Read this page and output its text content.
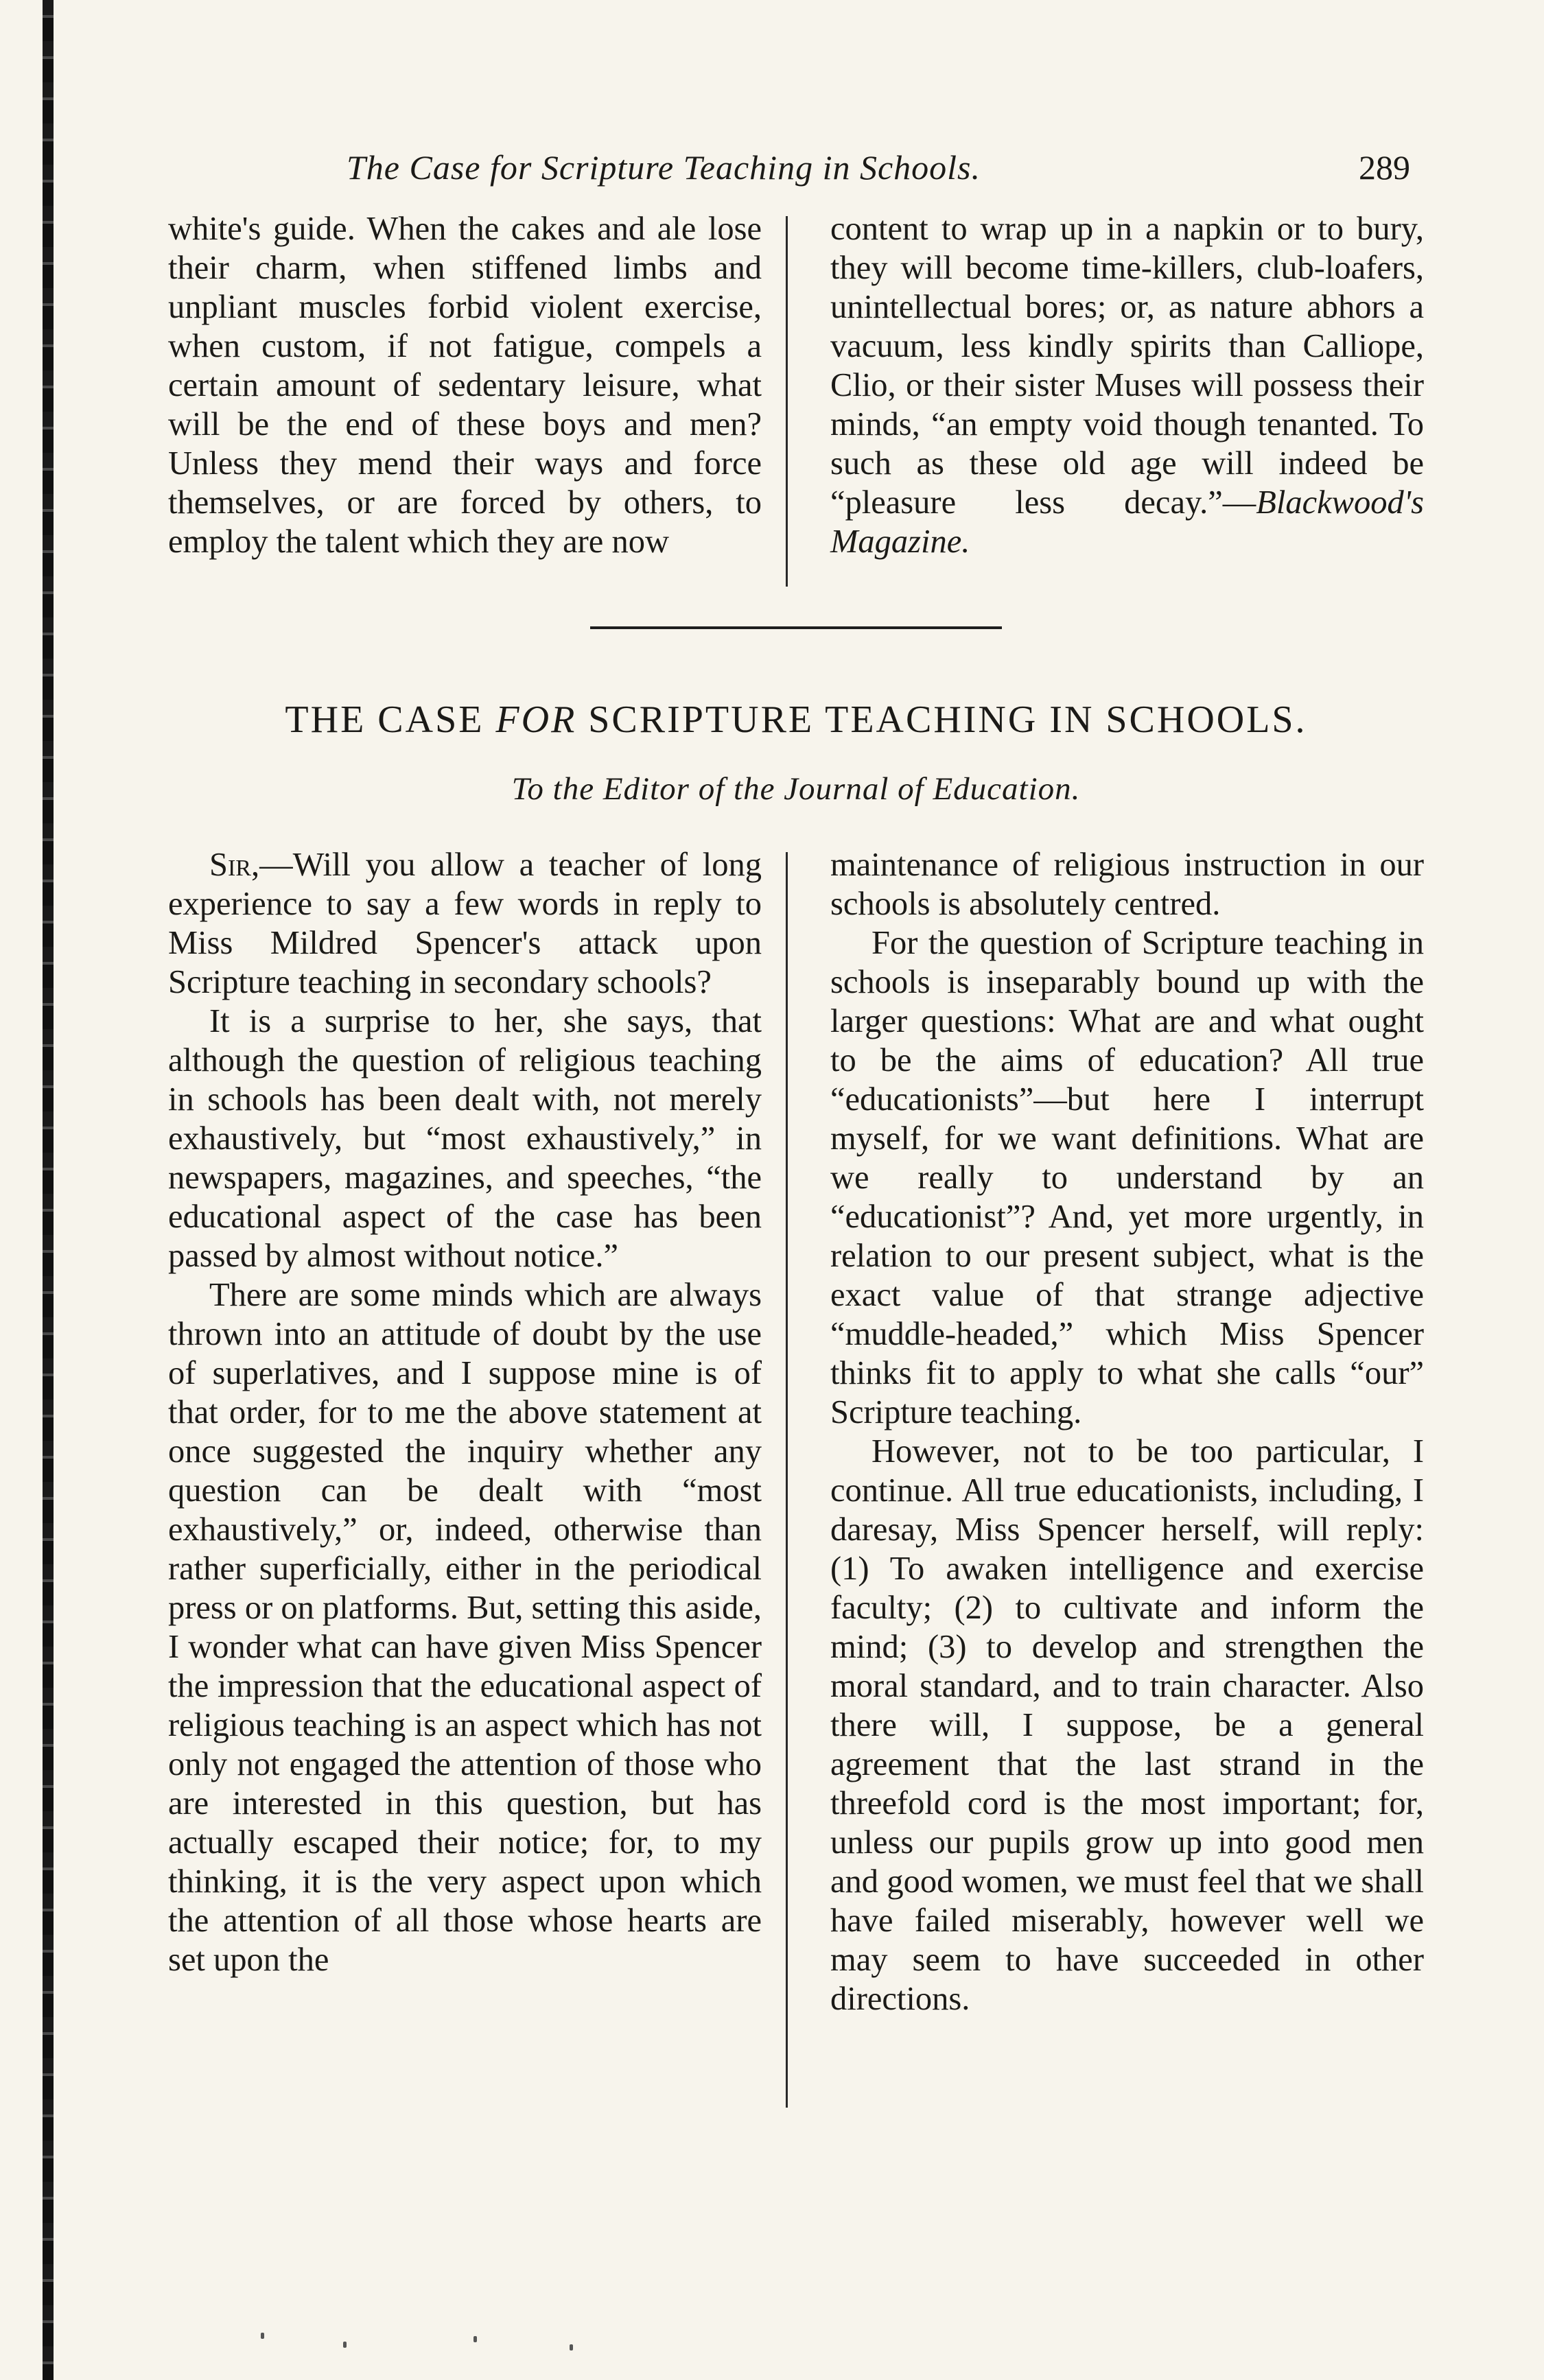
The Case for Scripture Teaching in Schools.	289

white's guide. When the cakes and ale lose their charm, when stiffened limbs and unpliant muscles forbid violent exercise, when custom, if not fatigue, compels a certain amount of sedentary leisure, what will be the end of these boys and men? Unless they mend their ways and force themselves, or are forced by others, to employ the talent which they are now

content to wrap up in a napkin or to bury, they will become time-killers, club-loafers, unintellectual bores; or, as nature abhors a vacuum, less kindly spirits than Calliope, Clio, or their sister Muses will possess their minds, “an empty void though tenanted. To such as these old age will indeed be “pleasure less decay.”—Blackwood's Magazine.

THE CASE FOR SCRIPTURE TEACHING IN SCHOOLS.
To the Editor of the Journal of Education.

Sir,—Will you allow a teacher of long experience to say a few words in reply to Miss Mildred Spencer's attack upon Scripture teaching in secondary schools?

It is a surprise to her, she says, that although the question of religious teaching in schools has been dealt with, not merely exhaustively, but “most exhaustively,” in newspapers, magazines, and speeches, “the educational aspect of the case has been passed by almost without notice.”

There are some minds which are always thrown into an attitude of doubt by the use of superlatives, and I suppose mine is of that order, for to me the above statement at once suggested the inquiry whether any question can be dealt with “most exhaustively,” or, indeed, otherwise than rather superficially, either in the periodical press or on platforms. But, setting this aside, I wonder what can have given Miss Spencer the impression that the educational aspect of religious teaching is an aspect which has not only not engaged the attention of those who are interested in this question, but has actually escaped their notice; for, to my thinking, it is the very aspect upon which the attention of all those whose hearts are set upon the

maintenance of religious instruction in our schools is absolutely centred.

For the question of Scripture teaching in schools is inseparably bound up with the larger questions: What are and what ought to be the aims of education? All true “educationists”—but here I interrupt myself, for we want definitions. What are we really to understand by an “educationist”? And, yet more urgently, in relation to our present subject, what is the exact value of that strange adjective “muddle-headed,” which Miss Spencer thinks fit to apply to what she calls “our” Scripture teaching.

However, not to be too particular, I continue. All true educationists, including, I daresay, Miss Spencer herself, will reply: (1) To awaken intelligence and exercise faculty; (2) to cultivate and inform the mind; (3) to develop and strengthen the moral standard, and to train character. Also there will, I suppose, be a general agreement that the last strand in the threefold cord is the most important; for, unless our pupils grow up into good men and good women, we must feel that we shall have failed miserably, however well we may seem to have succeeded in other directions.
